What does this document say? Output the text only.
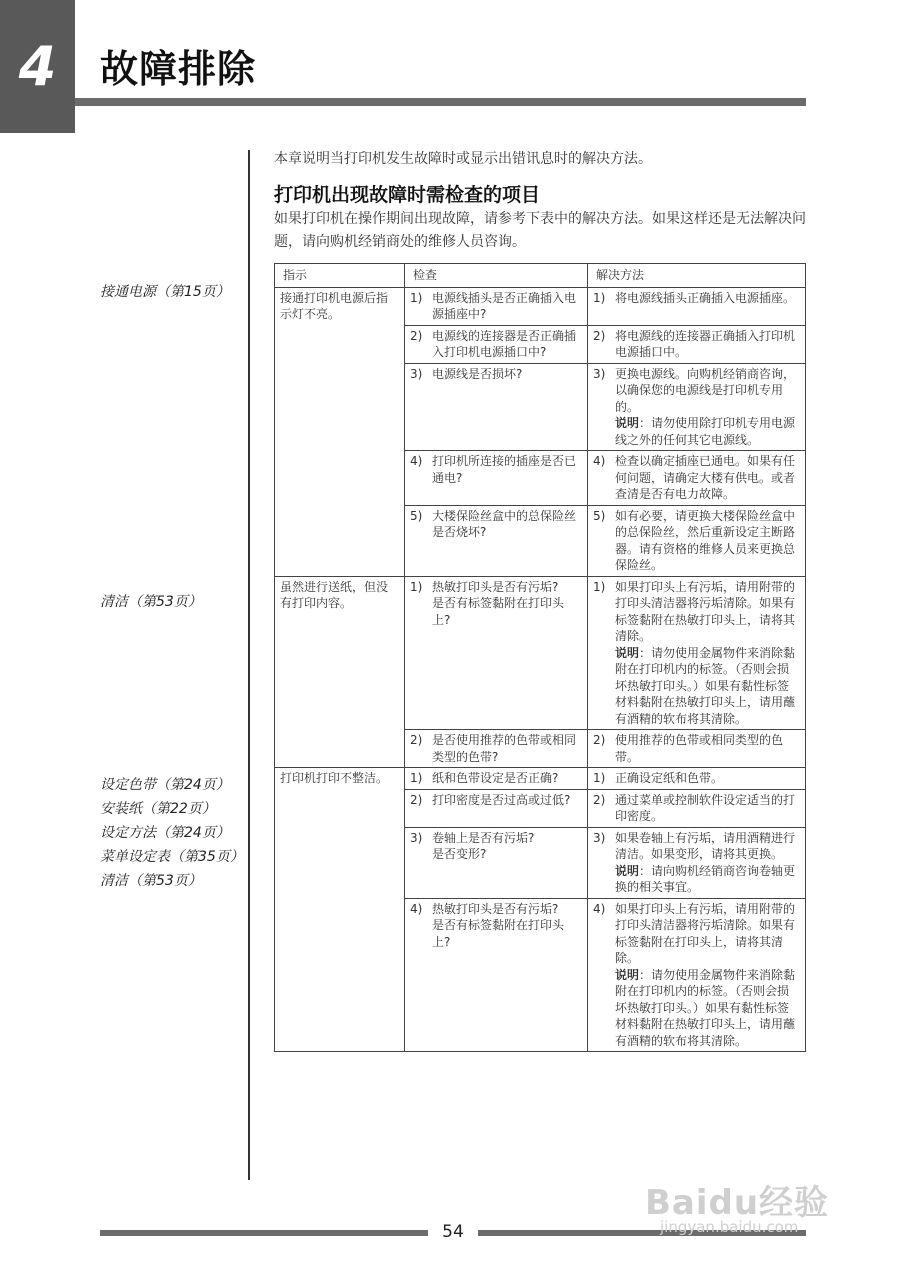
4	故障排除
本章说明当打印机发生故障时或显示出错讯息时的解决方法。
打印机出现故障时需检查的项目
如果打印机在操作期间出现故障，请参考下表中的解决方法。如果这样还是无法解决问题，请向购机经销商处的维修人员咨询。
接通电源（第15页）
清洁（第53页）
设定色带（第24页）
安装纸（第22页）
设定方法（第24页）
菜单设定表（第35页）
清洁（第53页）
指示	检查	解决方法
接通打印机电源后指示灯不亮。	1) 电源线插头是否正确插入电源插座中?	1) 将电源线插头正确插入电源插座。

	2) 电源线的连接器是否正确插入打印机电源插口中?	2) 将电源线的连接器正确插入打印机电源插口中。

	3) 电源线是否损坏?	3) 更换电源线。向购机经销商咨询，以确保您的电源线是打印机专用的。
说明：请勿使用除打印机专用电源线之外的任何其它电源线。

	4) 打印机所连接的插座是否已通电?	4) 检查以确定插座已通电。如果有任何问题，请确定大楼有供电。或者查清是否有电力故障。

	5) 大楼保险丝盒中的总保险丝是否烧坏?	5) 如有必要，请更换大楼保险丝盒中的总保险丝，然后重新设定主断路器。请有资格的维修人员来更换总保险丝。

虽然进行送纸，但没有打印内容。	1) 热敏打印头是否有污垢?
是否有标签黏附在打印头上?	1) 如果打印头上有污垢，请用附带的打印头清洁器将污垢清除。如果有标签黏附在热敏打印头上，请将其清除。
说明：请勿使用金属物件来消除黏附在打印机内的标签。（否则会损坏热敏打印头。）如果有黏性标签材料黏附在热敏打印头上，请用蘸有酒精的软布将其清除。

	2) 是否使用推荐的色带或相同类型的色带?	2) 使用推荐的色带或相同类型的色带。

打印机打印不整洁。	1) 纸和色带设定是否正确?	1) 正确设定纸和色带。

	2) 打印密度是否过高或过低?	2) 通过菜单或控制软件设定适当的打印密度。

	3) 卷轴上是否有污垢?
是否变形?	3) 如果卷轴上有污垢，请用酒精进行清洁。如果变形，请将其更换。
说明：请向购机经销商咨询卷轴更换的相关事宜。

	4) 热敏打印头是否有污垢?
是否有标签黏附在打印头上?	4) 如果打印头上有污垢，请用附带的打印头清洁器将污垢清除。如果有标签黏附在打印头上，请将其清除。
说明：请勿使用金属物件来消除黏附在打印机内的标签。（否则会损坏热敏打印头。）如果有黏性标签材料黏附在热敏打印头上，请用蘸有酒精的软布将其清除。
54
Baidu经验
jingyan.baidu.com
